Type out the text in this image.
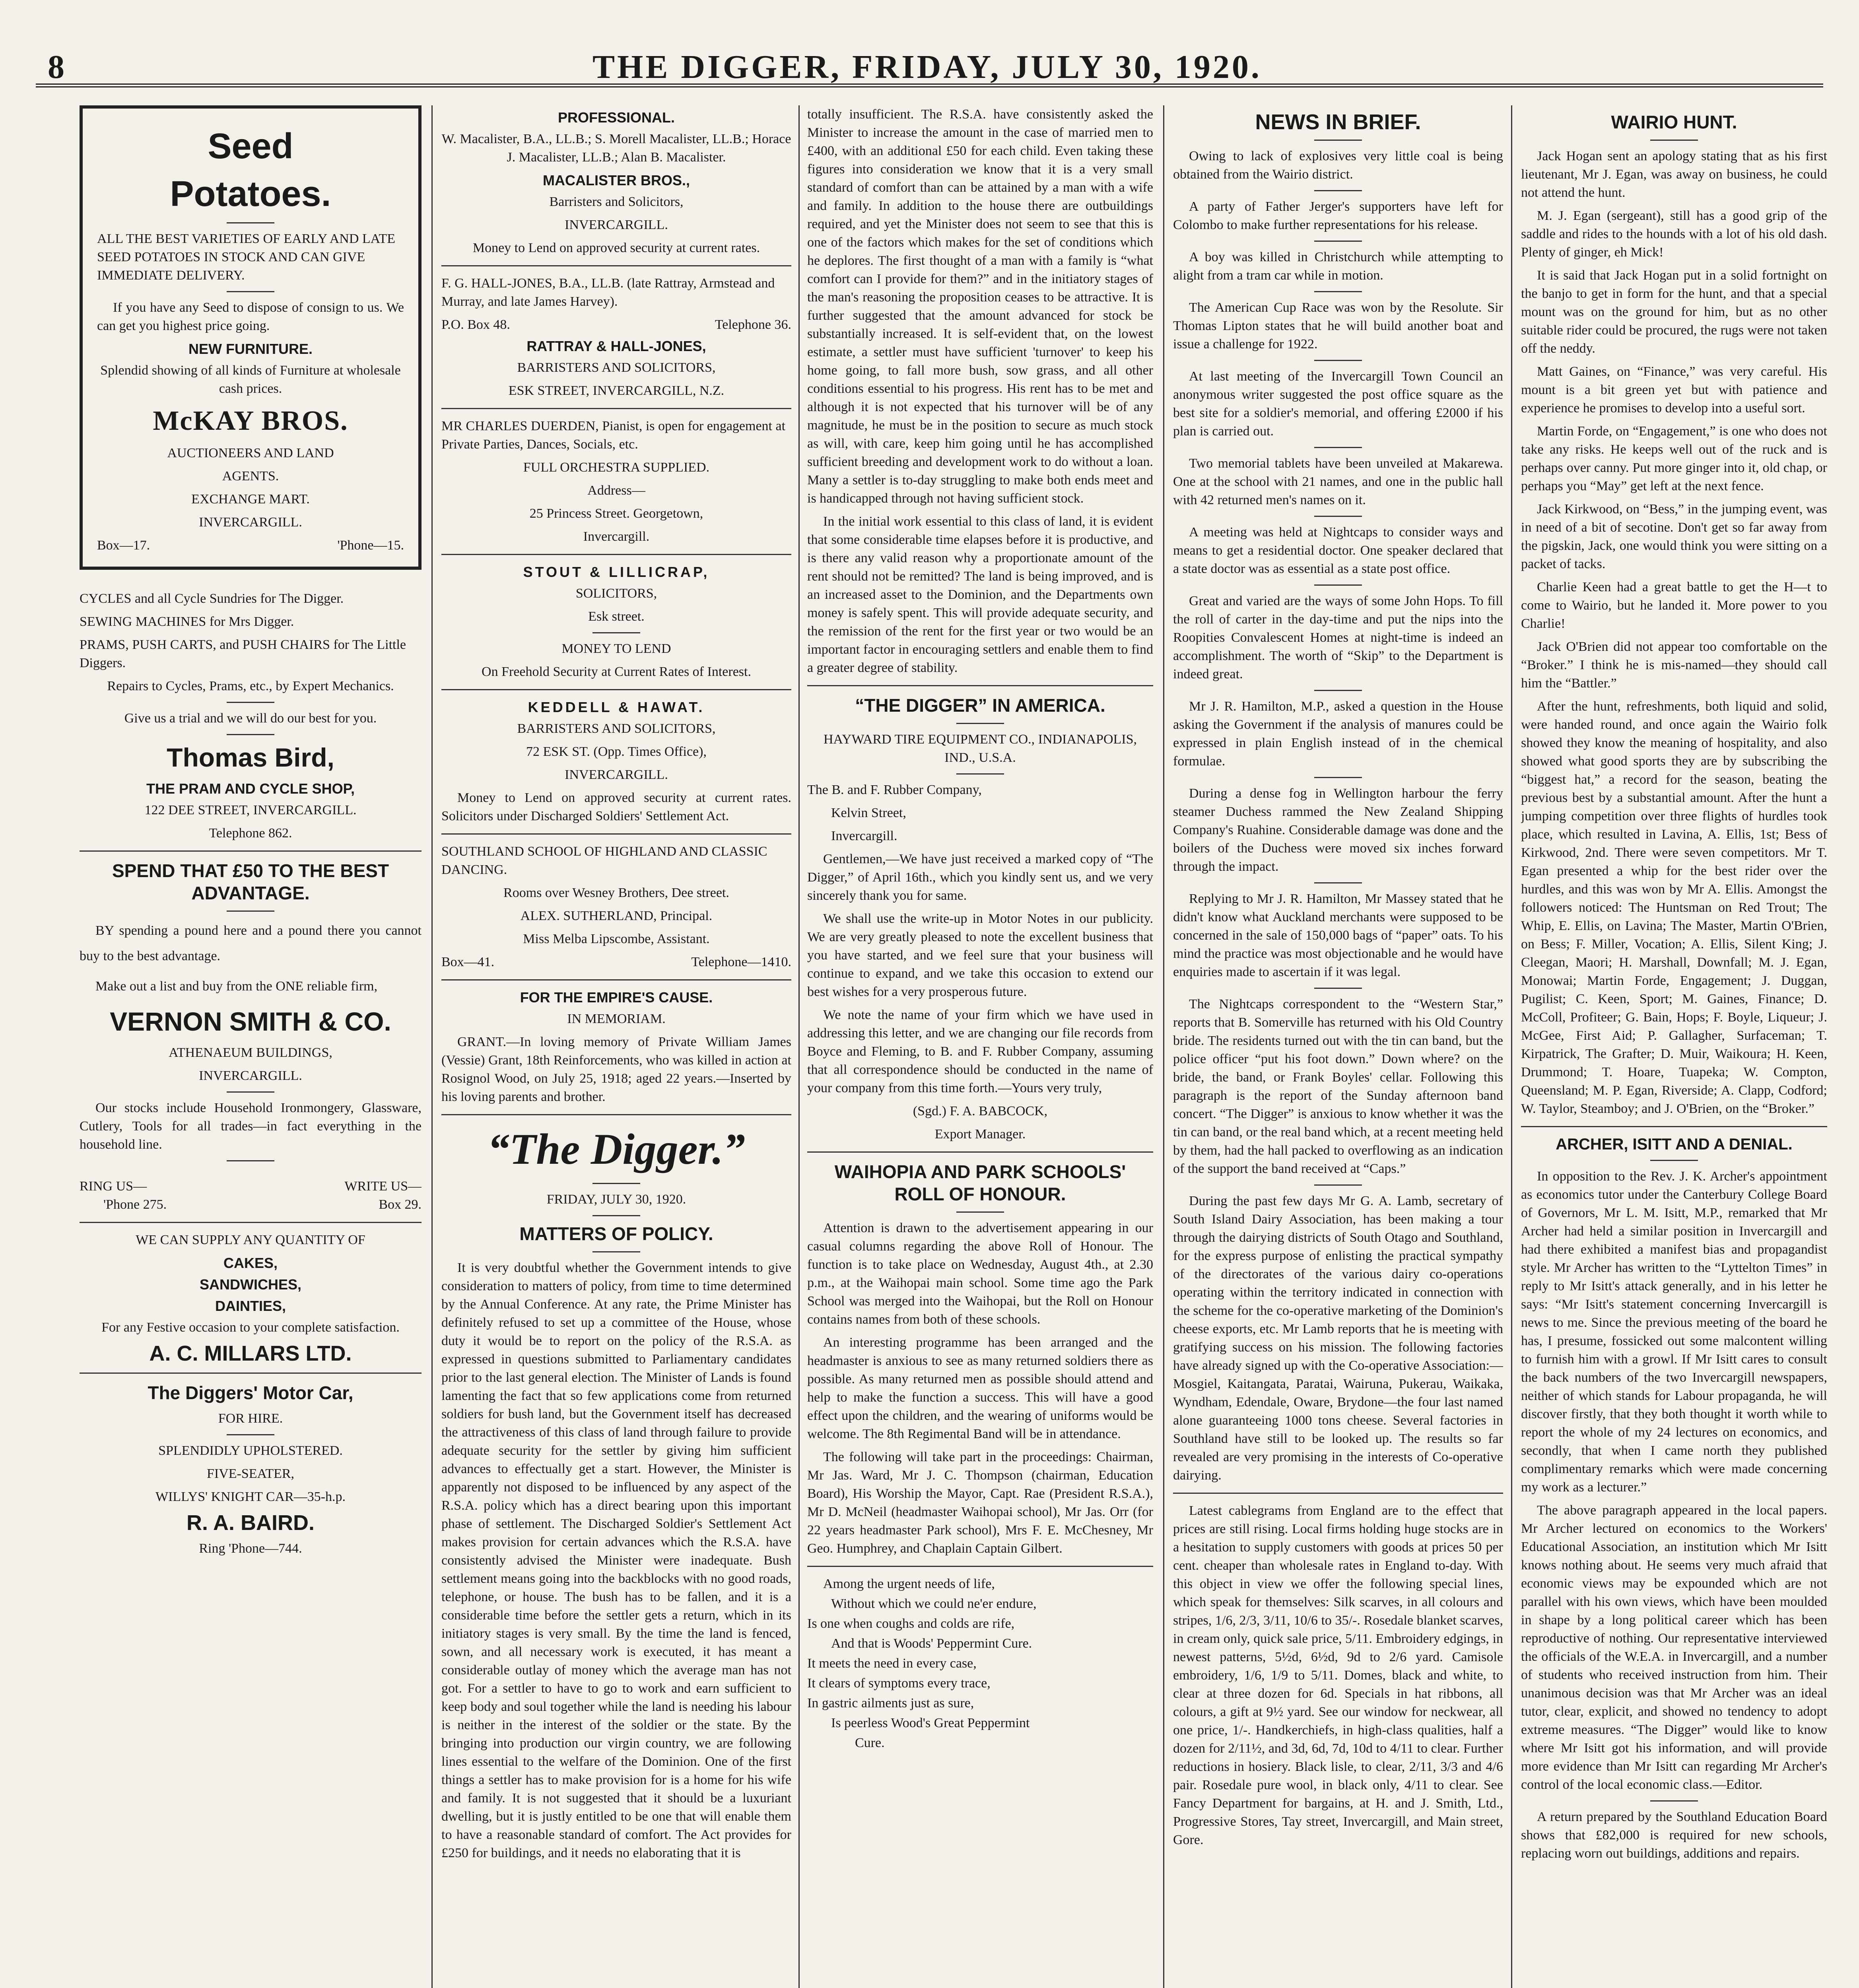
8	THE DIGGER, FRIDAY, JULY 30, 1920.
Seed
Potatoes.

ALL THE BEST VARIETIES OF EARLY AND LATE SEED POTATOES IN STOCK AND CAN GIVE IMMEDIATE DELIVERY.

If you have any Seed to dispose of consign to us. We can get you highest price going.

NEW FURNITURE.

Splendid showing of all kinds of Furniture at wholesale cash prices.

McKAY BROS.

AUCTIONEERS AND LAND

AGENTS.

EXCHANGE MART.

INVERCARGILL.

Box—17.	'Phone—15.

CYCLES and all Cycle Sundries for The Digger.

SEWING MACHINES for Mrs Digger.

PRAMS, PUSH CARTS, and PUSH CHAIRS for The Little Diggers.

Repairs to Cycles, Prams, etc., by Expert Mechanics.

Give us a trial and we will do our best for you.

Thomas Bird,
THE PRAM AND CYCLE SHOP,

122 DEE STREET, INVERCARGILL.

Telephone 862.

SPEND THAT £50 TO THE BEST ADVANTAGE.

BY spending a pound here and a pound there you cannot buy to the best advantage.

Make out a list and buy from the ONE reliable firm,

VERNON SMITH & CO.

ATHENAEUM BUILDINGS,

INVERCARGILL.

Our stocks include Household Ironmongery, Glassware, Cutlery, Tools for all trades—in fact everything in the household line.

RING US—	WRITE US—
'Phone 275.	Box 29.

WE CAN SUPPLY ANY QUANTITY OF

CAKES,
SANDWICHES,
DAINTIES,

For any Festive occasion to your complete satisfaction.

A. C. MILLARS LTD.
The Diggers' Motor Car,

FOR HIRE.

SPLENDIDLY UPHOLSTERED.

FIVE-SEATER,

WILLYS' KNIGHT CAR—35-h.p.

R. A. BAIRD.

Ring 'Phone—744.

PROFESSIONAL.

W. Macalister, B.A., LL.B.; S. Morell Macalister, LL.B.; Horace J. Macalister, LL.B.; Alan B. Macalister.

MACALISTER BROS.,

Barristers and Solicitors,

INVERCARGILL.

Money to Lend on approved security at current rates.

F. G. HALL-JONES, B.A., LL.B. (late Rattray, Armstead and Murray, and late James Harvey).

P.O. Box 48.	Telephone 36.
RATTRAY & HALL-JONES,

BARRISTERS AND SOLICITORS,

ESK STREET, INVERCARGILL, N.Z.

MR CHARLES DUERDEN, Pianist, is open for engagement at Private Parties, Dances, Socials, etc.

FULL ORCHESTRA SUPPLIED.

Address—

25 Princess Street. Georgetown,

Invercargill.

STOUT & LILLICRAP,

SOLICITORS,

Esk street.

MONEY TO LEND

On Freehold Security at Current Rates of Interest.

KEDDELL & HAWAT.

BARRISTERS AND SOLICITORS,

72 ESK ST. (Opp. Times Office),

INVERCARGILL.

Money to Lend on approved security at current rates. Solicitors under Discharged Soldiers' Settlement Act.

SOUTHLAND SCHOOL OF HIGHLAND AND CLASSIC DANCING.

Rooms over Wesney Brothers, Dee street.

ALEX. SUTHERLAND, Principal.

Miss Melba Lipscombe, Assistant.

Box—41.	Telephone—1410.
FOR THE EMPIRE'S CAUSE.

IN MEMORIAM.

GRANT.—In loving memory of Private William James (Vessie) Grant, 18th Reinforcements, who was killed in action at Rosignol Wood, on July 25, 1918; aged 22 years.—Inserted by his loving parents and brother.

“The Digger.”

FRIDAY, JULY 30, 1920.

MATTERS OF POLICY.

It is very doubtful whether the Government intends to give consideration to matters of policy, from time to time determined by the Annual Conference. At any rate, the Prime Minister has definitely refused to set up a committee of the House, whose duty it would be to report on the policy of the R.S.A. as expressed in questions submitted to Parliamentary candidates prior to the last general election. The Minister of Lands is found lamenting the fact that so few applications come from returned soldiers for bush land, but the Government itself has decreased the attractiveness of this class of land through failure to provide adequate security for the settler by giving him sufficient advances to effectually get a start. However, the Minister is apparently not disposed to be influenced by any aspect of the R.S.A. policy which has a direct bearing upon this important phase of settlement. The Discharged Soldier's Settlement Act makes provision for certain advances which the R.S.A. have consistently advised the Minister were inadequate. Bush settlement means going into the backblocks with no good roads, telephone, or house. The bush has to be fallen, and it is a considerable time before the settler gets a return, which in its initiatory stages is very small. By the time the land is fenced, sown, and all necessary work is executed, it has meant a considerable outlay of money which the average man has not got. For a settler to have to go to work and earn sufficient to keep body and soul together while the land is needing his labour is neither in the interest of the soldier or the state. By the bringing into production our virgin country, we are following lines essential to the welfare of the Dominion. One of the first things a settler has to make provision for is a home for his wife and family. It is not suggested that it should be a luxuriant dwelling, but it is justly entitled to be one that will enable them to have a reasonable standard of comfort. The Act provides for £250 for buildings, and it needs no elaborating that it is

totally insufficient. The R.S.A. have consistently asked the Minister to increase the amount in the case of married men to £400, with an additional £50 for each child. Even taking these figures into consideration we know that it is a very small standard of comfort than can be attained by a man with a wife and family. In addition to the house there are outbuildings required, and yet the Minister does not seem to see that this is one of the factors which makes for the set of conditions which he deplores. The first thought of a man with a family is “what comfort can I provide for them?” and in the initiatory stages of the man's reasoning the proposition ceases to be attractive. It is further suggested that the amount advanced for stock be substantially increased. It is self-evident that, on the lowest estimate, a settler must have sufficient 'turnover' to keep his home going, to fall more bush, sow grass, and all other conditions essential to his progress. His rent has to be met and although it is not expected that his turnover will be of any magnitude, he must be in the position to secure as much stock as will, with care, keep him going until he has accomplished sufficient breeding and development work to do without a loan. Many a settler is to-day struggling to make both ends meet and is handicapped through not having sufficient stock.

In the initial work essential to this class of land, it is evident that some considerable time elapses before it is productive, and is there any valid reason why a proportionate amount of the rent should not be remitted? The land is being improved, and is an increased asset to the Dominion, and the Departments own money is safely spent. This will provide adequate security, and the remission of the rent for the first year or two would be an important factor in encouraging settlers and enable them to find a greater degree of stability.

“THE DIGGER” IN AMERICA.

HAYWARD TIRE EQUIPMENT CO., INDIANAPOLIS, IND., U.S.A.

The B. and F. Rubber Company,

Kelvin Street,

Invercargill.

Gentlemen,—We have just received a marked copy of “The Digger,” of April 16th., which you kindly sent us, and we very sincerely thank you for same.

We shall use the write-up in Motor Notes in our publicity. We are very greatly pleased to note the excellent business that you have started, and we feel sure that your business will continue to expand, and we take this occasion to extend our best wishes for a very prosperous future.

We note the name of your firm which we have used in addressing this letter, and we are changing our file records from Boyce and Fleming, to B. and F. Rubber Company, assuming that all correspondence should be conducted in the name of your company from this time forth.—Yours very truly,

(Sgd.) F. A. BABCOCK,

Export Manager.

WAIHOPIA AND PARK SCHOOLS' ROLL OF HONOUR.

Attention is drawn to the advertisement appearing in our casual columns regarding the above Roll of Honour. The function is to take place on Wednesday, August 4th., at 2.30 p.m., at the Waihopai main school. Some time ago the Park School was merged into the Waihopai, but the Roll on Honour contains names from both of these schools.

An interesting programme has been arranged and the headmaster is anxious to see as many returned soldiers there as possible. As many returned men as possible should attend and help to make the function a success. This will have a good effect upon the children, and the wearing of uniforms would be welcome. The 8th Regimental Band will be in attendance.

The following will take part in the proceedings: Chairman, Mr Jas. Ward, Mr J. C. Thompson (chairman, Education Board), His Worship the Mayor, Capt. Rae (President R.S.A.), Mr D. McNeil (headmaster Waihopai school), Mr Jas. Orr (for 22 years headmaster Park school), Mrs F. E. McChesney, Mr Geo. Humphrey, and Chaplain Captain Gilbert.

Among the urgent needs of life,

Without which we could ne'er endure,

Is one when coughs and colds are rife,

And that is Woods' Peppermint Cure.

It meets the need in every case,

It clears of symptoms every trace,

In gastric ailments just as sure,

Is peerless Wood's Great Peppermint

Cure.

NEWS IN BRIEF.

Owing to lack of explosives very little coal is being obtained from the Wairio district.

A party of Father Jerger's supporters have left for Colombo to make further representations for his release.

A boy was killed in Christchurch while attempting to alight from a tram car while in motion.

The American Cup Race was won by the Resolute. Sir Thomas Lipton states that he will build another boat and issue a challenge for 1922.

At last meeting of the Invercargill Town Council an anonymous writer suggested the post office square as the best site for a soldier's memorial, and offering £2000 if his plan is carried out.

Two memorial tablets have been unveiled at Makarewa. One at the school with 21 names, and one in the public hall with 42 returned men's names on it.

A meeting was held at Nightcaps to consider ways and means to get a residential doctor. One speaker declared that a state doctor was as essential as a state post office.

Great and varied are the ways of some John Hops. To fill the roll of carter in the day-time and put the nips into the Roopities Convalescent Homes at night-time is indeed an accomplishment. The worth of “Skip” to the Department is indeed great.

Mr J. R. Hamilton, M.P., asked a question in the House asking the Government if the analysis of manures could be expressed in plain English instead of in the chemical formulae.

During a dense fog in Wellington harbour the ferry steamer Duchess rammed the New Zealand Shipping Company's Ruahine. Considerable damage was done and the boilers of the Duchess were moved six inches forward through the impact.

Replying to Mr J. R. Hamilton, Mr Massey stated that he didn't know what Auckland merchants were supposed to be concerned in the sale of 150,000 bags of “paper” oats. To his mind the practice was most objectionable and he would have enquiries made to ascertain if it was legal.

The Nightcaps correspondent to the “Western Star,” reports that B. Somerville has returned with his Old Country bride. The residents turned out with the tin can band, but the police officer “put his foot down.” Down where? on the bride, the band, or Frank Boyles' cellar. Following this paragraph is the report of the Sunday afternoon band concert. “The Digger” is anxious to know whether it was the tin can band, or the real band which, at a recent meeting held by them, had the hall packed to overflowing as an indication of the support the band received at “Caps.”

During the past few days Mr G. A. Lamb, secretary of South Island Dairy Association, has been making a tour through the dairying districts of South Otago and Southland, for the express purpose of enlisting the practical sympathy of the directorates of the various dairy co-operations operating within the territory indicated in connection with the scheme for the co-operative marketing of the Dominion's cheese exports, etc. Mr Lamb reports that he is meeting with gratifying success on his mission. The following factories have already signed up with the Co-operative Association:—Mosgiel, Kaitangata, Paratai, Wairuna, Pukerau, Waikaka, Wyndham, Edendale, Oware, Brydone—the four last named alone guaranteeing 1000 tons cheese. Several factories in Southland have still to be looked up. The results so far revealed are very promising in the interests of Co-operative dairying.

Latest cablegrams from England are to the effect that prices are still rising. Local firms holding huge stocks are in a hesitation to supply customers with goods at prices 50 per cent. cheaper than wholesale rates in England to-day. With this object in view we offer the following special lines, which speak for themselves: Silk scarves, in all colours and stripes, 1/6, 2/3, 3/11, 10/6 to 35/-. Rosedale blanket scarves, in cream only, quick sale price, 5/11. Embroidery edgings, in newest patterns, 5½d, 6½d, 9d to 2/6 yard. Camisole embroidery, 1/6, 1/9 to 5/11. Domes, black and white, to clear at three dozen for 6d. Specials in hat ribbons, all colours, a gift at 9½ yard. See our window for neckwear, all one price, 1/-. Handkerchiefs, in high-class qualities, half a dozen for 2/11½, and 3d, 6d, 7d, 10d to 4/11 to clear. Further reductions in hosiery. Black lisle, to clear, 2/11, 3/3 and 4/6 pair. Rosedale pure wool, in black only, 4/11 to clear. See Fancy Department for bargains, at H. and J. Smith, Ltd., Progressive Stores, Tay street, Invercargill, and Main street, Gore.

WAIRIO HUNT.

Jack Hogan sent an apology stating that as his first lieutenant, Mr J. Egan, was away on business, he could not attend the hunt.

M. J. Egan (sergeant), still has a good grip of the saddle and rides to the hounds with a lot of his old dash. Plenty of ginger, eh Mick!

It is said that Jack Hogan put in a solid fortnight on the banjo to get in form for the hunt, and that a special mount was on the ground for him, but as no other suitable rider could be procured, the rugs were not taken off the neddy.

Matt Gaines, on “Finance,” was very careful. His mount is a bit green yet but with patience and experience he promises to develop into a useful sort.

Martin Forde, on “Engagement,” is one who does not take any risks. He keeps well out of the ruck and is perhaps over canny. Put more ginger into it, old chap, or perhaps you “May” get left at the next fence.

Jack Kirkwood, on “Bess,” in the jumping event, was in need of a bit of secotine. Don't get so far away from the pigskin, Jack, one would think you were sitting on a packet of tacks.

Charlie Keen had a great battle to get the H—t to come to Wairio, but he landed it. More power to you Charlie!

Jack O'Brien did not appear too comfortable on the “Broker.” I think he is mis-named—they should call him the “Battler.”

After the hunt, refreshments, both liquid and solid, were handed round, and once again the Wairio folk showed they know the meaning of hospitality, and also showed what good sports they are by subscribing the “biggest hat,” a record for the season, beating the previous best by a substantial amount. After the hunt a jumping competition over three flights of hurdles took place, which resulted in Lavina, A. Ellis, 1st; Bess of Kirkwood, 2nd. There were seven competitors. Mr T. Egan presented a whip for the best rider over the hurdles, and this was won by Mr A. Ellis. Amongst the followers noticed: The Huntsman on Red Trout; The Whip, E. Ellis, on Lavina; The Master, Martin O'Brien, on Bess; F. Miller, Vocation; A. Ellis, Silent King; J. Cleegan, Maori; H. Marshall, Downfall; M. J. Egan, Monowai; Martin Forde, Engagement; J. Duggan, Pugilist; C. Keen, Sport; M. Gaines, Finance; D. McColl, Profiteer; G. Bain, Hops; F. Boyle, Liqueur; J. McGee, First Aid; P. Gallagher, Surfaceman; T. Kirpatrick, The Grafter; D. Muir, Waikoura; H. Keen, Drummond; T. Hoare, Tuapeka; W. Compton, Queensland; M. P. Egan, Riverside; A. Clapp, Codford; W. Taylor, Steamboy; and J. O'Brien, on the “Broker.”

ARCHER, ISITT AND A DENIAL.

In opposition to the Rev. J. K. Archer's appointment as economics tutor under the Canterbury College Board of Governors, Mr L. M. Isitt, M.P., remarked that Mr Archer had held a similar position in Invercargill and had there exhibited a manifest bias and propagandist style. Mr Archer has written to the “Lyttelton Times” in reply to Mr Isitt's attack generally, and in his letter he says: “Mr Isitt's statement concerning Invercargill is news to me. Since the previous meeting of the board he has, I presume, fossicked out some malcontent willing to furnish him with a growl. If Mr Isitt cares to consult the back numbers of the two Invercargill newspapers, neither of which stands for Labour propaganda, he will discover firstly, that they both thought it worth while to report the whole of my 24 lectures on economics, and secondly, that when I came north they published complimentary remarks which were made concerning my work as a lecturer.”

The above paragraph appeared in the local papers. Mr Archer lectured on economics to the Workers' Educational Association, an institution which Mr Isitt knows nothing about. He seems very much afraid that economic views may be expounded which are not parallel with his own views, which have been moulded in shape by a long political career which has been reproductive of nothing. Our representative interviewed the officials of the W.E.A. in Invercargill, and a number of students who received instruction from him. Their unanimous decision was that Mr Archer was an ideal tutor, clear, explicit, and showed no tendency to adopt extreme measures. “The Digger” would like to know where Mr Isitt got his information, and will provide more evidence than Mr Isitt can regarding Mr Archer's control of the local economic class.—Editor.

A return prepared by the Southland Education Board shows that £82,000 is required for new schools, replacing worn out buildings, additions and repairs.
